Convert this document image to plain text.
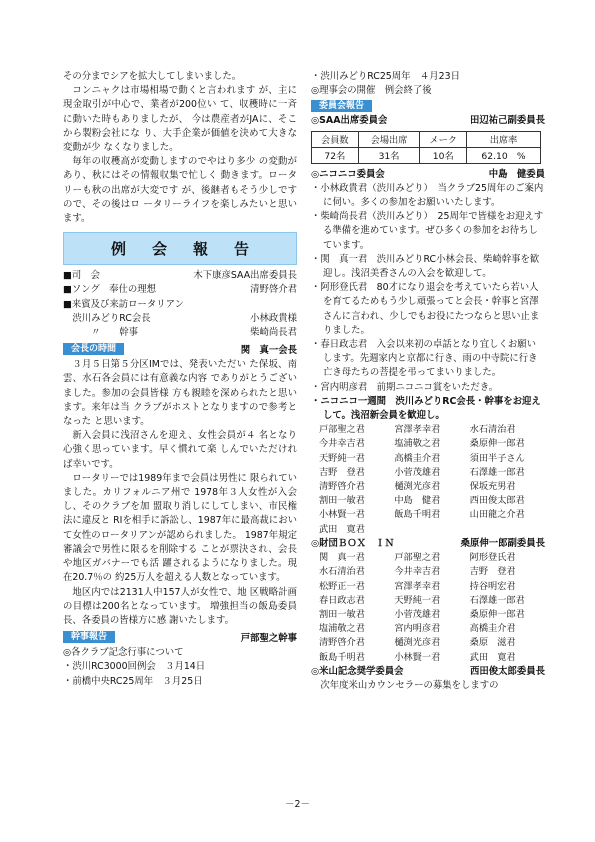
その分までシアを拡大してしまいました。

コンニャクは市場相場で動くと言われます が、主に現金取引が中心で、業者が200位い て、収穫時に一斉に動いた時もありましたが、 今は農産者がJAに、そこから製粉会社にな り、大手企業が価値を決めて大きな変動が少 なくなりました。

毎年の収穫高が変動しますのでやはり多少 の変動があり、秋にはその情報収集で忙しく 動きます。ロータリーも秋の出席が大変です が、後継者もそう少しですので、その後はロ ータリーライフを楽しみたいと思います。

例会報告
■司　会	木下康彦SAA出席委員長
■ソング　奉仕の理想	清野啓介君
■来賓及び来訪ロータリアン
　渋川みどりRC会長	小林政貴様
　　　〃　　幹事	柴崎尚長君
会長の時間	関　真一会長

３月５日第５分区IMでは、発表いただい た保坂、南雲、水石各会員には有意義な内容 でありがとうございました。参加の会員皆様 方も親睦を深められたと思います。来年は当 クラブがホストとなりますので参考となった と思います。

新入会員に浅沼さんを迎え、女性会員が４ 名となり心強く思っています。早く慣れて楽 しんでいただければ幸いです。

ロータリーでは1989年まで会員は男性に 限られていました。カリフォルニア州で 1978年３人女性が入会し、そのクラブを加 盟取り消しにしてしまい、市民権法に違反と RIを相手に訴訟し、1987年に最高裁におい て女性のロータリアンが認められました。 1987年規定審議会で男性に限るを削除する ことが票決され、会長や地区ガバナーでも活 躍されるようになりました。現在20.7％の 約25万人を超える人数となっています。

地区内では2131人中157人が女性で、地 区戦略計画の目標は200名となっています。 増強担当の飯島委員長、各委員の皆様方に感 謝いたします。

幹事報告	戸部聖之幹事

◎各クラブ記念行事について

・渋川RC3000回例会　３月14日

・前橋中央RC25周年　３月25日

・渋川みどりRC25周年　４月23日

◎理事会の開催　例会終了後

委員会報告
◎SAA出席委員会	田辺祐己副委員長
会員数	会場出席	メーク	出席率
72名	31名	10名	62.10　%
◎ニコニコ委員会	中島　健委員

・小林政貴君（渋川みどり）　当クラブ25周年のご案内に伺い。多くの参加をお願いいたします。

・柴崎尚長君（渋川みどり）　25周年で皆様をお迎えする準備を進めています。ぜひ多くの参加をお待ちしています。

・関　真一君　渋川みどりRC小林会長、柴崎幹事を歓迎し。浅沼美香さんの入会を歓迎して。

・阿形登氏君　80才になり退会を考えていたら若い人を育てるためもう少し頑張ってと会長・幹事と宮澤さんに言われ、少しでもお役にたつならと思い止まりました。

・春日政志君　入会以来初の卓話となり宜しくお願いします。先週家内と京都に行き、雨の中寺院に行き亡き母たちの菩提を弔ってまいりました。

・宮内明彦君　前期ニコニコ賞をいただき。

・ニコニコ一週間　渋川みどりRC会長・幹事をお迎えして。浅沼新会員を歓迎し。

戸部聖之君	宮澤孝幸君	水石清治君
今井幸吉君	塩浦敬之君	桑原伸一郎君
天野純一君	高橋圭介君	須田半子さん
吉野　登君	小菅茂雄君	石澤雄一郎君
清野啓介君	樋渕光彦君	保坂充男君
割田一敏君	中島　健君	西田俊太郎君
小林賢一君	飯島千明君	山田龍之介君
武田　寛君
◎財団ＢＯＸ　ＩＮ	桑原伸一郎副委員長
関　真一君	戸部聖之君	阿形登氏君
水石清治君	今井幸吉君	吉野　登君
松野正一君	宮澤孝幸君	持谷明宏君
春日政志君	天野純一君	石澤雄一郎君
割田一敏君	小菅茂雄君	桑原伸一郎君
塩浦敬之君	宮内明彦君	高橋圭介君
清野啓介君	樋渕光彦君	桑原　滋君
飯島千明君	小林賢一君	武田　寛君
◎米山記念奨学委員会	西田俊太郎委員長

次年度米山カウンセラーの募集をしますの

－2－
